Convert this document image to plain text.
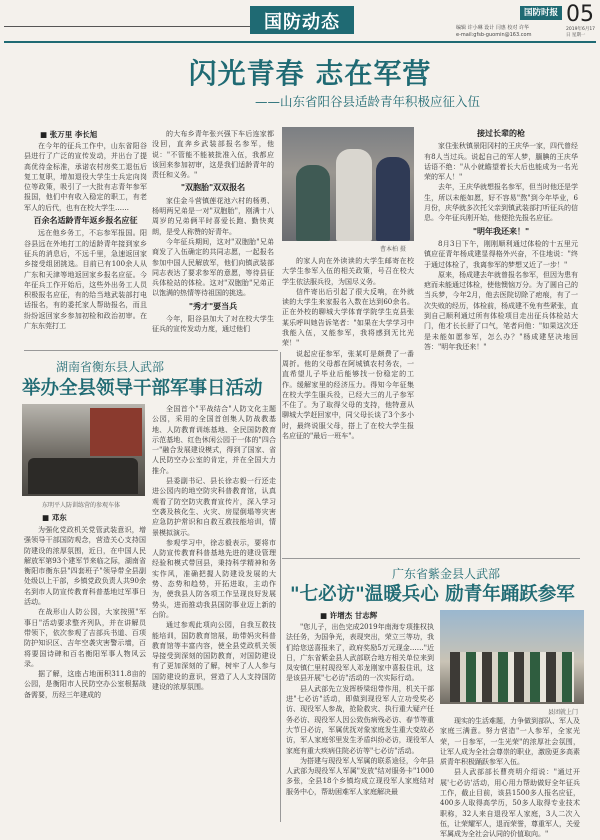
国防动态	国防时报 05
2019年6月17日 星期一
编辑 许小琳 设计 闫惠 校对 许华
e-mail:gfsb-guomin@163.com
闪光青春 志在军营
——山东省阳谷县适龄青年积极应征入伍
■ 张万里 李长旭

在今年的征兵工作中，山东省阳谷县进行了广泛的宣传发动，并出台了提高优待金标准，承诺农村房奖工退伍后复工复职，增加退役大学生士兵定向岗位等政策，吸引了一大批有志青年参军报国，他们中有收入稳定的职工，有老军人的后代，也有在校大学生……

百余名适龄青年返乡报名应征

远在他乡务工，不忘参军报国。阳谷县远在外地打工的适龄青年接到家乡征兵的消息后，不远千里，急速返回家乡接受组团挑选。目前已有100余人从广东和天津等地返回家乡报名应征。今年征兵工作开始后，这些外出务工人员积极报名应征，有的给当地武装部打电话报名，有的委托家人帮助报名，而且纷纷返回家乡参加初检和政治初审。在广东东莞打工

的大布乡青年张兴强下车后连家都没回，直奔乡武装部报名参军，他说："不管能不能被批准入伍，我都应该回来参加初审，这是我们适龄青年的责任和义务。"

"双胞胎"双双报名

家住金斗营镇莲花池六村的杨勇、杨明两兄弟是一对"双胞胎"，刚满十八周岁的兄弟俩平时喜爱长跑、勤快爽朗，是受人称赞的好青年。

今年征兵期间，这对"双胞胎"兄弟商发了入伍确定的共同志愿，一起报名参加中国人民解放军，他们向镇武装部同志表达了要求参军的意愿，等待县征兵体检站的体检。这对"双胞胎"兄弟正以饱满的热情等待祖国的挑选。

"秀才"要当兵

今年，阳谷县加大了对在校大学生征兵的宣传发动力度，通过他们

曹本柏 摄

的家人向在外读读的大学生邮寄在校大学生参军入伍的相关政策，号召在校大学生依法服兵役，为国尽义务。

信件寄出后引起了很大反响，在外就读的大学生来家报名入数在达到60余名。正在外校的聊城大学体育学院学生克县张某乐呼叫她告诉笔者："如果在大学学习中我能入伍，又能参军，我将感到无比光荣！"

说起应征参军，张某叮是颇费了一番周折。他的父母都在阿城镇农村务农，一直希望儿子毕业后能够找一份稳定的工作。缓解家里的经济压力。得知今年征集在校大学生服兵役，已经大三的儿子参军不住了。为了取得父母的支持，他特意从聊城大学赶回家中，同父母长谈了3个多小时，最终说服父母，搭上了在校大学生报名应征的"最后一班车"。

接过长辈的枪

家住张秋镇景阳冈村的王庆华一家，四代曾经有8人当过兵。说起自己的军人梦，腼腆的王庆华话语不绝："从小就瞻望着长大后也能成为一名光荣的军人！"

去年，王庆华就想报名参军，但当时他还是学生，所以未能如愿，好不容易"熬"到今年毕业，6月份，庆华就多次托父亲到镇武装部打听征兵的信息。今年征兵刚开始，他便抢先报名应征。

"明年我还来！"

8月3日下午，刚刚顺利通过体检的十五里元镇应征青年杨成建显得格外兴奋，不住地说："终于通过体检了，我离参军的梦想又近了一步！"

原来，杨成建去年就曾报名参军，但因为患有疤而未能通过体检，使他懊恼万分。为了圆自己的当兵梦，今年2月，他去医院切除了疤痕，有了一次失败的经历，体检前，杨成建不免有些紧张，直到自己顺利通过所有体检项目走出征兵体检站大门，他才长长舒了口气，笔者问他："如果这次还是未能如愿参军，怎么办？"杨成建坚决地回答："明年我还来！"

湖南省衡东县人武部
举办全县领导干部军事日活动
东明平人防训练营的参观车体
■ 邓东

为强化党政机关党管武装意识，增强领导干部国防观念，营造关心支持国防建设的浓厚氛围，近日，在中国人民解放军第93个建军节来临之际，湖南省衡阳市衡东县"四套班子"领导带全县副处级以上干部，乡镇党政负责人共90余名到市人防宣传教育科普基地过军事日活动。

在战形山人防公园，大家按照"军事日"活动要求整齐列队，并在讲解员带领下，依次参观了吉部兵书道、百项防护知识区、吉年空袭灾害警示墙，百将要国诗碑和百名衡阳军事人物风云录。

据了解，这座占地面积311.8亩的公园，是衡阳市人民防空办公室根据战备需要，历经三年建成的

全国首个"平战结合"人防文化主题公园，采用的全国首创集人防战教基地、人防教育训练基地、全民国防教育示范基地、红色休闲公园于一体的"四合一"融合发展建设模式，得到了国家、省人民防空办公室的肯定，并在全国大力推介。

县委副书记、县长徐志毅一行还走进公园内的地空防灾科普教育馆，认真观看了防空防灾教育宣传片，深入学习空袭及核化生、火灾、房屋倒塌等灾害应急防护常识和自救互救技能培训，情景模拟演示。

参观学习中，徐志毅表示，要将市人防宣传教育科普基地先进的建设管理经验和模式带回县，秉持科学精神和务实作风，准确把握人防建设发展的大势、态势和趋势，开拓进取，主动作为，使我县人防各项工作呈现良好发展势头，进而推动我县国防事业迈上新的台阶。

通过参观此项向公园，自我互救技能培训，国防教育馆展，助带妈灾科普教育馆等丰富内容，使全县党政机关领导接受到深刻的国防教育，对国防建设有了更加深刻的了解，树牢了人人参与国防建设的意识，营造了人人支持国防建设的浓厚氛围。

广东省紫金县人武部
"七必访"温暖兵心 励青年踊跃参军
■ 许增杰 甘志辉

"您儿子，出色完成2019年南海专项推权执法任务，为国争光，表现突出，荣立三等功，我们给您送喜报来了，政府奖励5万元现金……"近日，广东省紫金县人武部联合地方相关单位来到凤安镇仁里村现役军人邓龙刚家中喜报住讯，这是该县开展"七必访"活动的一次实际行动。

县人武部先立发挥桥梁纽带作用，机关干部进"七必访"活动，即做到现役军人立功受奖必访、现役军人参战，抢险救灾、执行重大疑产任务必访、现役军人因公致伤病残必访、春节等重大节日必访，军属优抚对象家庭发生重大变故必访，军人家庭邻里发生矛盾纠纷必访，现役军人家庭有重大疾病住院必访等"七必访"活动。

为搭建与现役军人军属的联系途径，今年县人武部为现役军人军属"发放"结对服务卡"1000多张，全县18个乡镇均成立现役军人家庭结对服务中心，帮助困难军人家庭解决最

县团就上门

现实的生活难题，力争做到部队、军人及家庭三满意。努力营造"一人参军，全家光荣，一日参军，一生光荣"的浓厚社会氛围，让军人成为全社会尊崇的职业，激励更多高素质青年积极踊跃参军入伍。

县人武部部长曹亮明介绍说："通过开展'七必访'活动，用心用力帮助做好全年征兵工作，截止目前，该县1500多人报名应征，400多人取得高学历，50多人取得专业技术职称，32人来自退役军人家庭，3人二次入伍，让荣耀军人，退而荣誉，尊重军人，关爱军属成为全社会认同的价值取向。"
